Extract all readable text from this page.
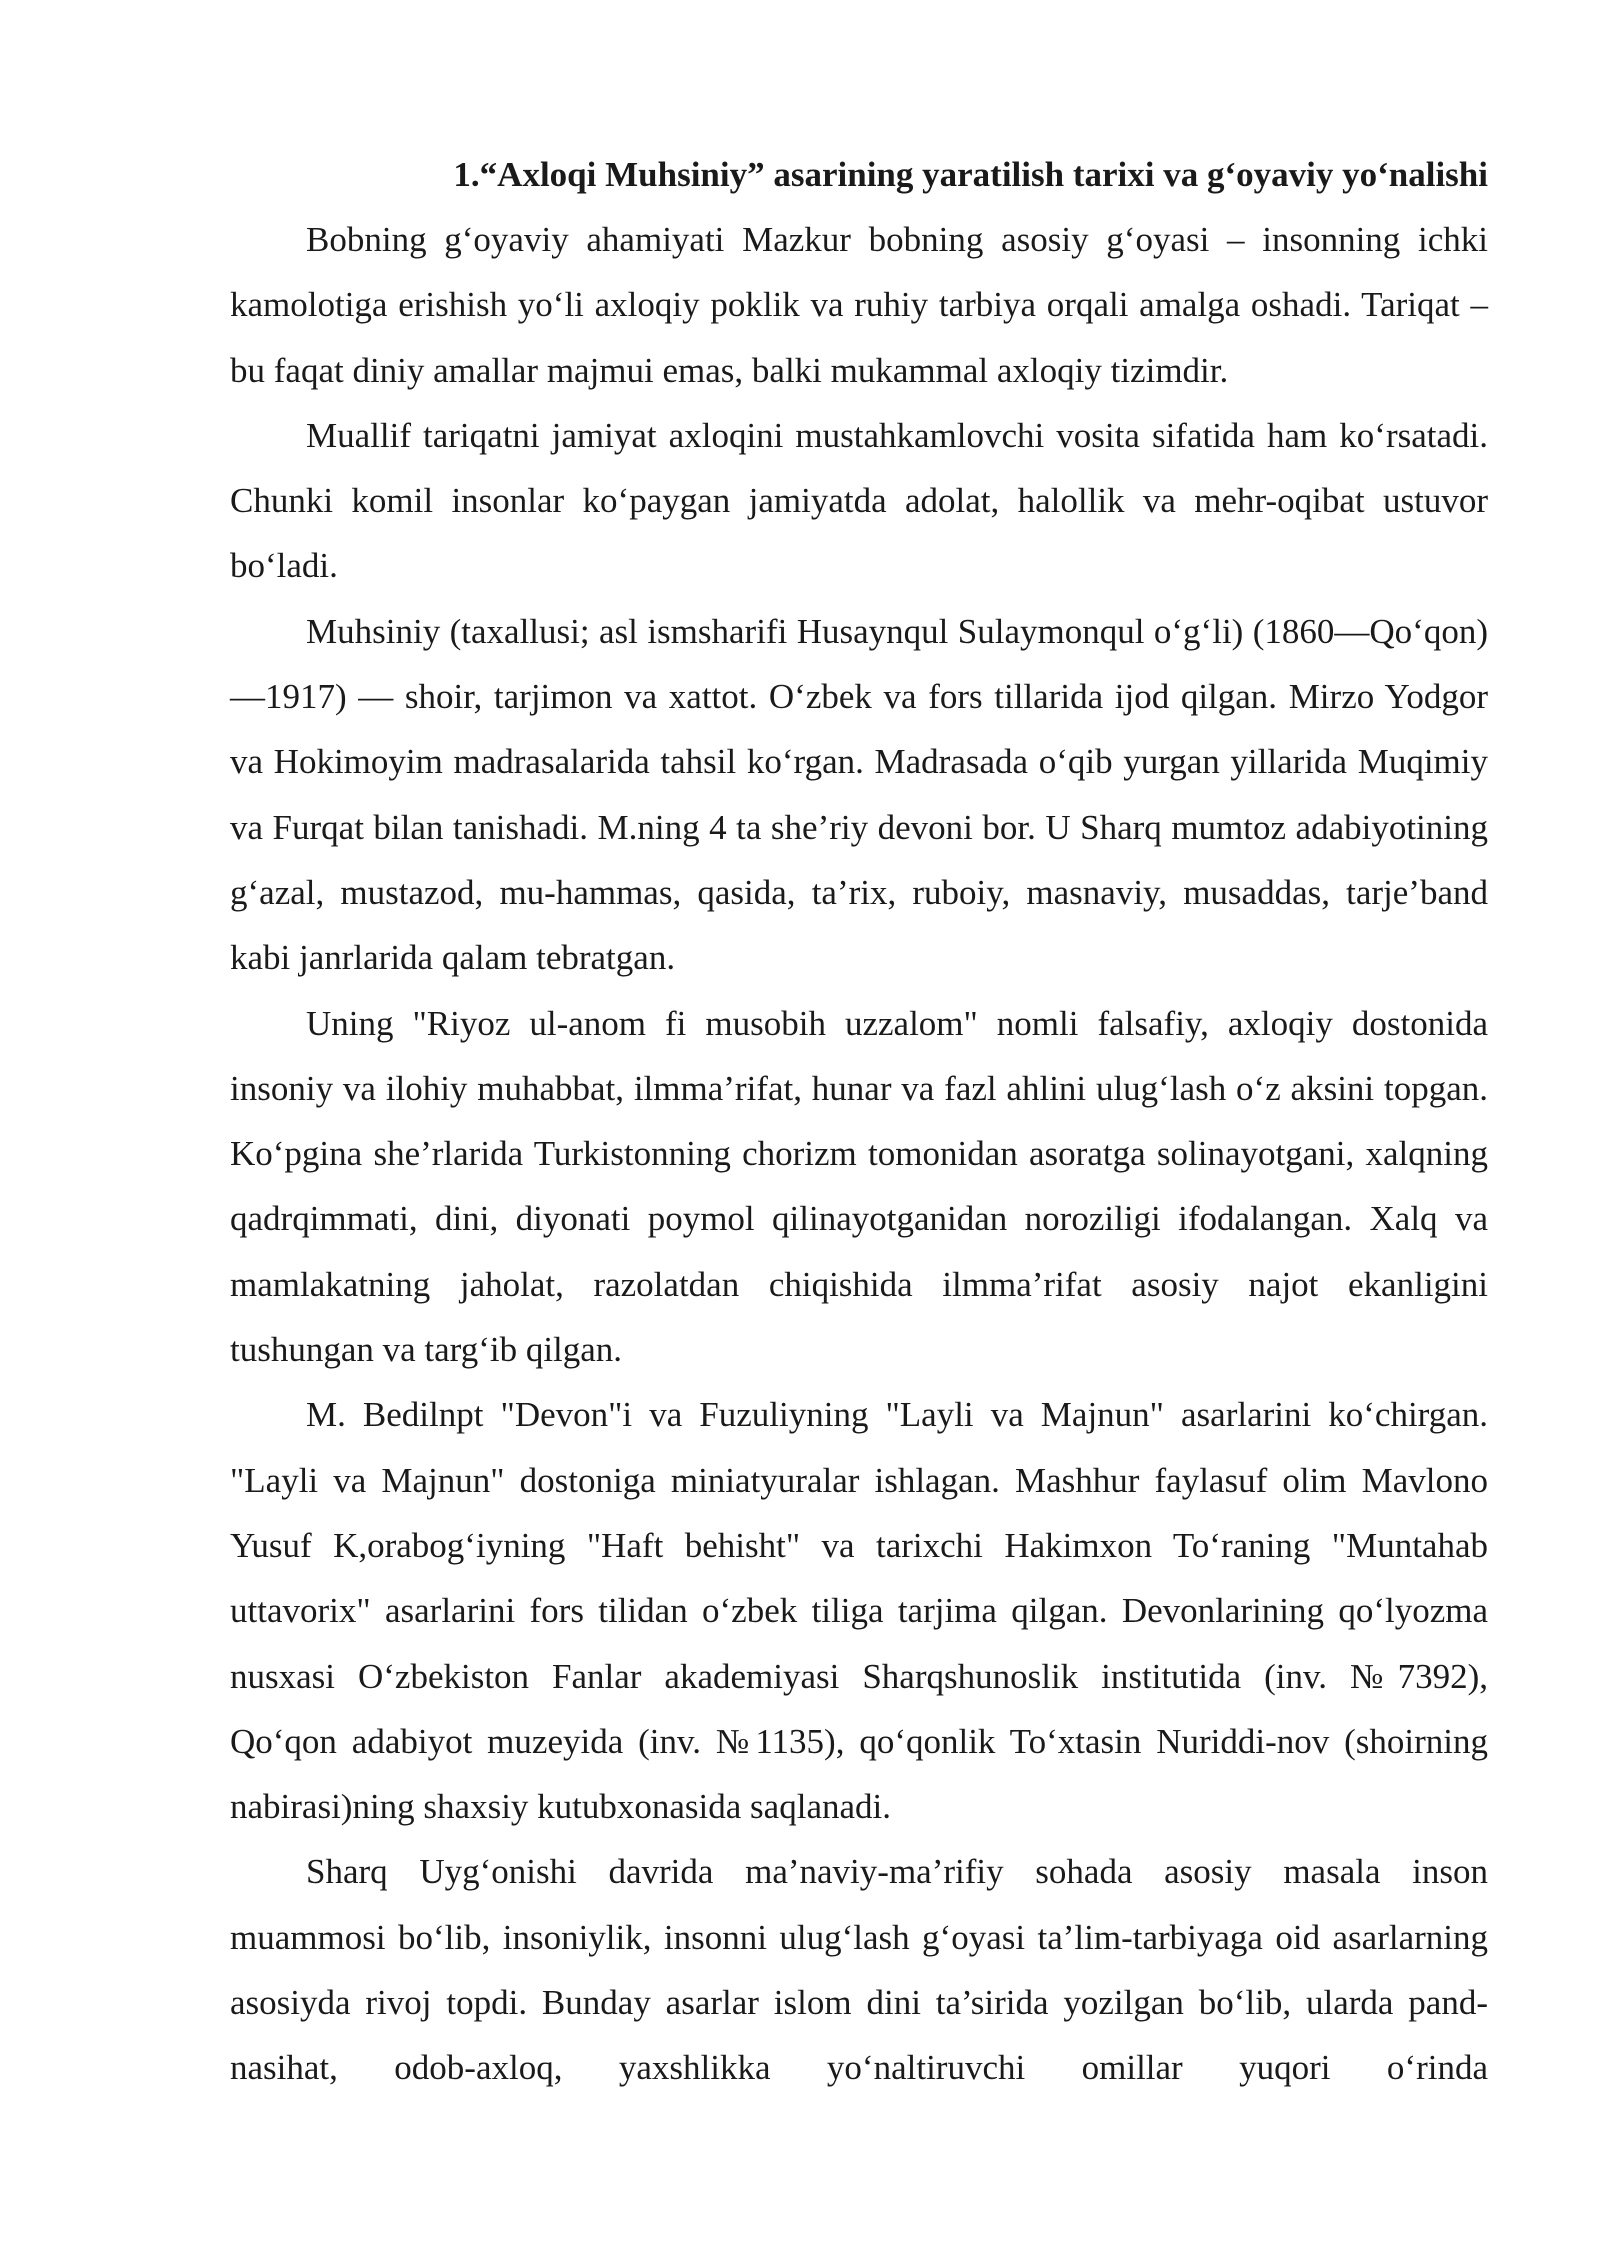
1.“Axloqi Muhsiniy” asarining yaratilish tarixi va g‘oyaviy yo‘nalishi

Bobning g‘oyaviy ahamiyati Mazkur bobning asosiy g‘oyasi – insonning ichki kamolotiga erishish yo‘li axloqiy poklik va ruhiy tarbiya orqali amalga oshadi. Tariqat – bu faqat diniy amallar majmui emas, balki mukammal axloqiy tizimdir.

Muallif tariqatni jamiyat axloqini mustahkamlovchi vosita sifatida ham ko‘rsatadi. Chunki komil insonlar ko‘paygan jamiyatda adolat, halollik va mehr-oqibat ustuvor bo‘ladi.

Muhsiniy (taxallusi; asl ismsharifi Husaynqul Sulaymonqul o‘g‘li) (1860—Qo‘qon)—1917) — shoir, tarjimon va xattot. O‘zbek va fors tillarida ijod qilgan. Mirzo Yodgor va Hokimoyim madrasalarida tahsil ko‘rgan. Madrasada o‘qib yurgan yillarida Muqimiy va Furqat bilan tanishadi. M.ning 4 ta she’riy devoni bor. U Sharq mumtoz adabiyotining g‘azal, mustazod, mu-hammas, qasida, ta’rix, ruboiy, masnaviy, musaddas, tarje’band kabi janrlarida qalam tebratgan.

Uning "Riyoz ul-anom fi musobih uzzalom" nomli falsafiy, axloqiy dostonida insoniy va ilohiy muhabbat, ilmma’rifat, hunar va fazl ahlini ulug‘lash o‘z aksini topgan. Ko‘pgina she’rlarida Turkistonning chorizm tomonidan asoratga solinayotgani, xalqning qadrqimmati, dini, diyonati poymol qilinayotganidan noroziligi ifodalangan. Xalq va mamlakatning jaholat, razolatdan chiqishida ilmma’rifat asosiy najot ekanligini tushungan va targ‘ib qilgan.

M. Bedilnpt "Devon"i va Fuzuliyning "Layli va Majnun" asarlarini ko‘chirgan. "Layli va Majnun" dostoniga miniatyuralar ishlagan. Mashhur faylasuf olim Mavlono Yusuf K,orabog‘iyning "Haft behisht" va tarixchi Hakimxon To‘raning "Muntahab uttavorix" asarlarini fors tilidan o‘zbek tiliga tarjima qilgan. Devonlarining qo‘lyozma nusxasi O‘zbekiston Fanlar akademiyasi Sharqshunoslik institutida (inv. №7392), Qo‘qon adabiyot muzeyida (inv. №1135), qo‘qonlik To‘xtasin Nuriddi-nov (shoirning nabirasi)ning shaxsiy kutubxonasida saqlanadi.

Sharq Uyg‘onishi davrida ma’naviy-ma’rifiy sohada asosiy masala inson muammosi bo‘lib, insoniylik, insonni ulug‘lash g‘oyasi ta’lim-tarbiyaga oid asarlarning asosiyda rivoj topdi. Bunday asarlar islom dini ta’sirida yozilgan bo‘lib, ularda pand-nasihat, odob-axloq, yaxshlikka yo‘naltiruvchi omillar yuqori o‘rinda
